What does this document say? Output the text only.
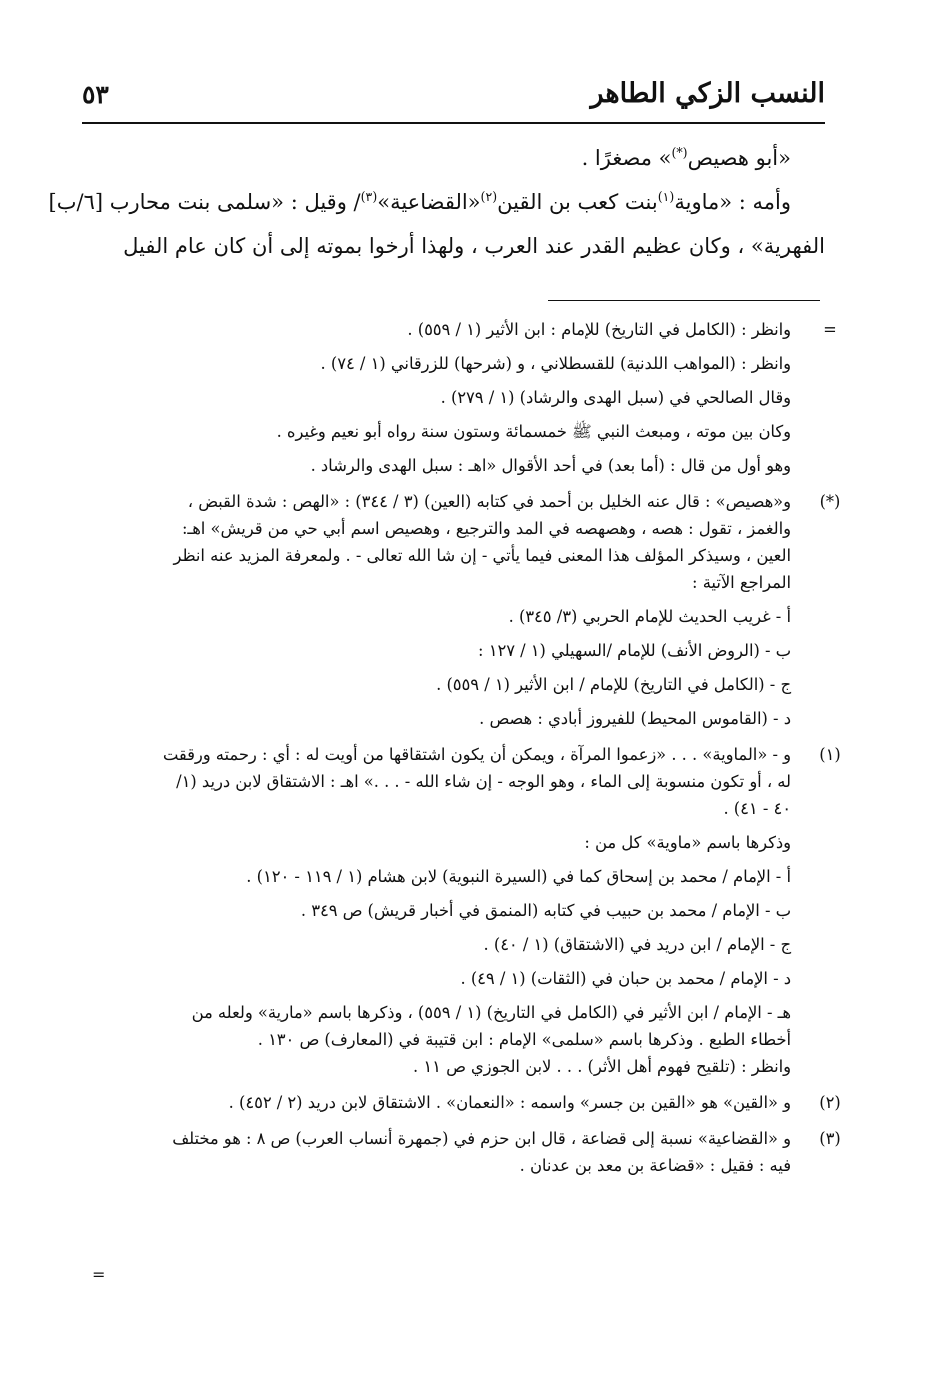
النسب الزكي الطاهر
٥٣
«أبو هصيص(*)» مصغرًا .
وأمه : «ماوية$^{(١)}$بنت كعب بن القين$^{(٢)}$«القضاعية»$^{(٣)}$/ وقيل : «سلمى بنت محارب [٦/ب]
الفهرية» ، وكان عظيم القدر عند العرب ، ولهذا أرخوا بموته إلى أن كان عام الفيل
=
وانظر : (الكامل في التاريخ) للإمام : ابن الأثير (١ / ٥٥٩) .
وانظر : (المواهب اللدنية) للقسطلاني ، و (شرحها) للزرقاني (١ / ٧٤) .
وقال الصالحي في (سبل الهدى والرشاد) (١ / ٢٧٩) .
وكان بين موته ، ومبعث النبي ﷺ خمسمائة وستون سنة رواه أبو نعيم وغيره .
وهو أول من قال : (أما بعد) في أحد الأقوال «اهـ : سبل الهدى والرشاد .
(*)
و«هصيص» : قال عنه الخليل بن أحمد في كتابه (العين) (٣ / ٣٤٤) : «الهص : شدة القبض ،
والغمز ، تقول : هصه ، وهصهصه في المد والترجيع ، وهصيص اسم أبي حي من قريش» اهـ:
العين ، وسيذكر المؤلف هذا المعنى فيما يأتي - إن شا الله تعالى - . ولمعرفة المزيد عنه انظر
المراجع الآتية :
أ - غريب الحديث للإمام الحربي (٣/ ٣٤٥) .
ب - (الروض الأنف) للإمام /السهيلي (١ / ١٢٧ :
ج - (الكامل في التاريخ) للإمام / ابن الأثير (١ / ٥٥٩) .
د - (القاموس المحيط) للفيروز أبادي : هصص .
(١)
و - «الماوية» . . . «زعموا المرآة ، ويمكن أن يكون اشتقاقها من أويت له : أي : رحمته ورققت
له ، أو تكون منسوبة إلى الماء ، وهو الوجه - إن شاء الله - . . .» اهـ : الاشتقاق لابن دريد (١/
٤٠ - ٤١) .
وذكرها باسم «ماوية» كل من :
أ - الإمام / محمد بن إسحاق كما في (السيرة النبوية) لابن هشام (١ / ١١٩ - ١٢٠) .
ب - الإمام / محمد بن حبيب في كتابه (المنمق في أخبار قريش) ص ٣٤٩ .
ج - الإمام / ابن دريد في (الاشتقاق) (١ / ٤٠) .
د - الإمام / محمد بن حبان في (الثقات) (١ / ٤٩) .
هـ - الإمام / ابن الأثير في (الكامل في التاريخ) (١ / ٥٥٩) ، وذكرها باسم «مارية» ولعله من
أخطاء الطبع . وذكرها باسم «سلمى» الإمام : ابن قتيبة في (المعارف) ص ١٣٠ .
وانظر : (تلقيح فهوم أهل الأثر) . . . لابن الجوزي ص ١١ .
(٢)
و «القين» هو «القين بن جسر» واسمه : «النعمان» . الاشتقاق لابن دريد (٢ / ٤٥٢) .
(٣)
و «القضاعية» نسبة إلى قضاعة ، قال ابن حزم في (جمهرة أنساب العرب) ص ٨ : هو مختلف
فيه : فقيل : «قضاعة بن معد بن عدنان .
=
